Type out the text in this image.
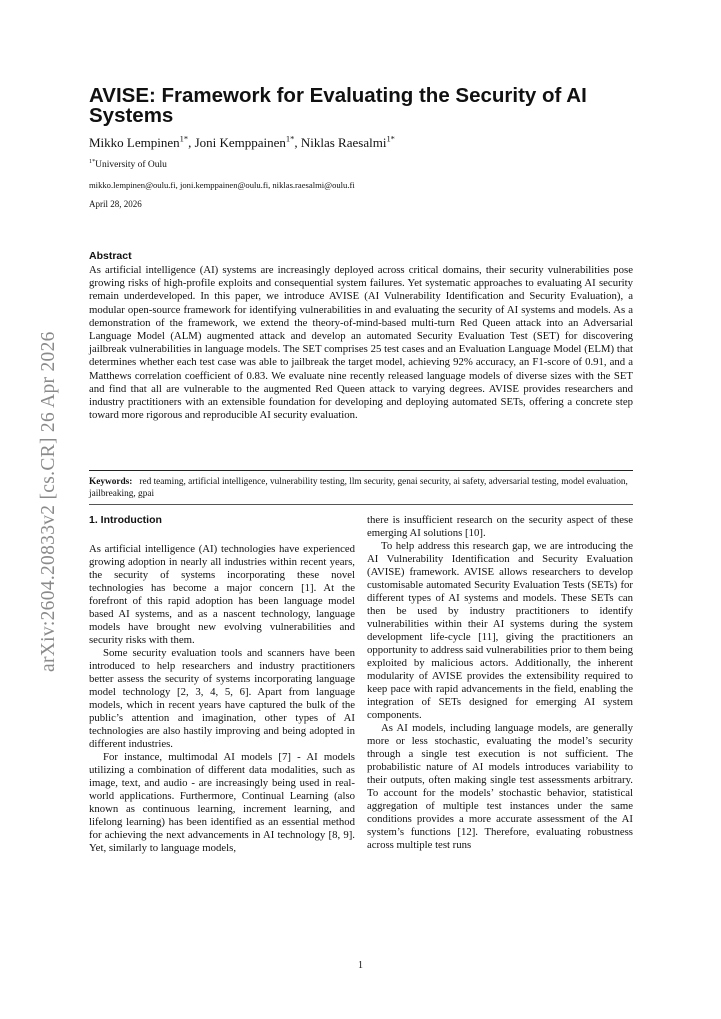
arXiv:2604.20833v2 [cs.CR] 26 Apr 2026
AVISE: Framework for Evaluating the Security of AI Systems
Mikko Lempinen$^{1*}$, Joni Kemppainen$^{1*}$, Niklas Raesalmi$^{1*}$
$^{1*}$University of Oulu
mikko.lempinen@oulu.fi, joni.kemppainen@oulu.fi, niklas.raesalmi@oulu.fi
April 28, 2026
Abstract

As artificial intelligence (AI) systems are increasingly deployed across critical domains, their security vulnerabilities pose growing risks of high-profile exploits and consequential system failures. Yet systematic approaches to evaluating AI security remain underdeveloped. In this paper, we introduce AVISE (AI Vulnerability Identification and Security Evaluation), a modular open-source framework for identifying vulnerabilities in and evaluating the security of AI systems and models. As a demonstration of the framework, we extend the theory-of-mind-based multi-turn Red Queen attack into an Adversarial Language Model (ALM) augmented attack and develop an automated Security Evaluation Test (SET) for discovering jailbreak vulnerabilities in language models. The SET comprises 25 test cases and an Evaluation Language Model (ELM) that determines whether each test case was able to jailbreak the target model, achieving 92% accuracy, an F1-score of 0.91, and a Matthews correlation coefficient of 0.83. We evaluate nine recently released language models of diverse sizes with the SET and find that all are vulnerable to the augmented Red Queen attack to varying degrees. AVISE provides researchers and industry practitioners with an extensible foundation for developing and deploying automated SETs, offering a concrete step toward more rigorous and reproducible AI security evaluation.

Keywords: red teaming, artificial intelligence, vulnerability testing, llm security, genai security, ai safety, adversarial testing, model evaluation, jailbreaking, gpai

1. Introduction

As artificial intelligence (AI) technologies have experienced growing adoption in nearly all industries within recent years, the security of systems incorporating these novel technologies has become a major concern [1]. At the forefront of this rapid adoption has been language model based AI systems, and as a nascent technology, language models have brought new evolving vulnerabilities and security risks with them.

Some security evaluation tools and scanners have been introduced to help researchers and industry practitioners better assess the security of systems incorporating language model technology [2, 3, 4, 5, 6]. Apart from language models, which in recent years have captured the bulk of the public’s attention and imagination, other types of AI technologies are also hastily improving and being adopted in different industries.

For instance, multimodal AI models [7] - AI models utilizing a combination of different data modalities, such as image, text, and audio - are increasingly being used in real-world applications. Furthermore, Continual Learning (also known as continuous learning, increment learning, and lifelong learning) has been identified as an essential method for achieving the next advancements in AI technology [8, 9]. Yet, similarly to language models,

there is insufficient research on the security aspect of these emerging AI solutions [10].

To help address this research gap, we are introducing the AI Vulnerability Identification and Security Evaluation (AVISE) framework. AVISE allows researchers to develop customisable automated Security Evaluation Tests (SETs) for different types of AI systems and models. These SETs can then be used by industry practitioners to identify vulnerabilities within their AI systems during the system development life-cycle [11], giving the practitioners an opportunity to address said vulnerabilities prior to them being exploited by malicious actors. Additionally, the inherent modularity of AVISE provides the extensibility required to keep pace with rapid advancements in the field, enabling the integration of SETs designed for emerging AI system components.

As AI models, including language models, are generally more or less stochastic, evaluating the model’s security through a single test execution is not sufficient. The probabilistic nature of AI models introduces variability to their outputs, often making single test assessments arbitrary. To account for the models’ stochastic behavior, statistical aggregation of multiple test instances under the same conditions provides a more accurate assessment of the AI system’s functions [12]. Therefore, evaluating robustness across multiple test runs

1
